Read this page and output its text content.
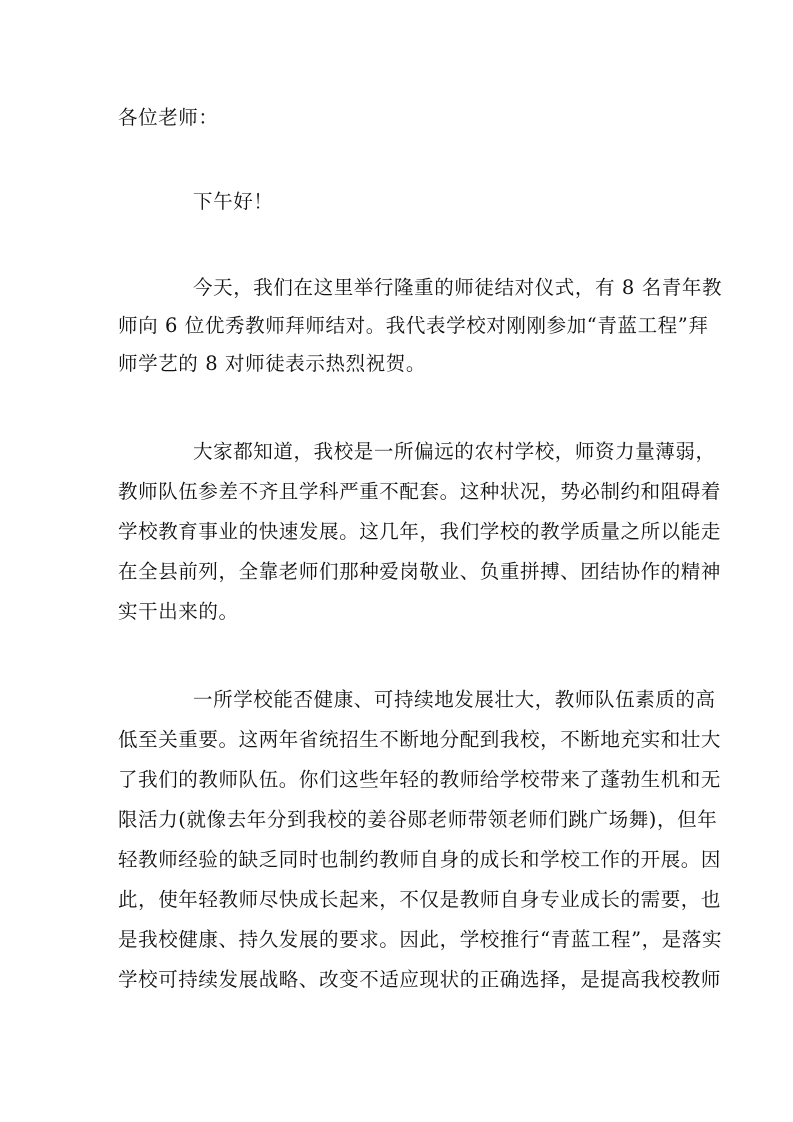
各位老师：
下午好！
今天，我们在这里举行隆重的师徒结对仪式，有 8 名青年教
师向 6 位优秀教师拜师结对。我代表学校对刚刚参加“青蓝工程”拜
师学艺的 8 对师徒表示热烈祝贺。
大家都知道，我校是一所偏远的农村学校，师资力量薄弱，
教师队伍参差不齐且学科严重不配套。这种状况，势必制约和阻碍着
学校教育事业的快速发展。这几年，我们学校的教学质量之所以能走
在全县前列，全靠老师们那种爱岗敬业、负重拼搏、团结协作的精神
实干出来的。
一所学校能否健康、可持续地发展壮大，教师队伍素质的高
低至关重要。这两年省统招生不断地分配到我校，不断地充实和壮大
了我们的教师队伍。你们这些年轻的教师给学校带来了蓬勃生机和无
限活力(就像去年分到我校的姜谷郧老师带领老师们跳广场舞)，但年
轻教师经验的缺乏同时也制约教师自身的成长和学校工作的开展。因
此，使年轻教师尽快成长起来，不仅是教师自身专业成长的需要，也
是我校健康、持久发展的要求。因此，学校推行“青蓝工程”，是落实
学校可持续发展战略、改变不适应现状的正确选择，是提高我校教师
